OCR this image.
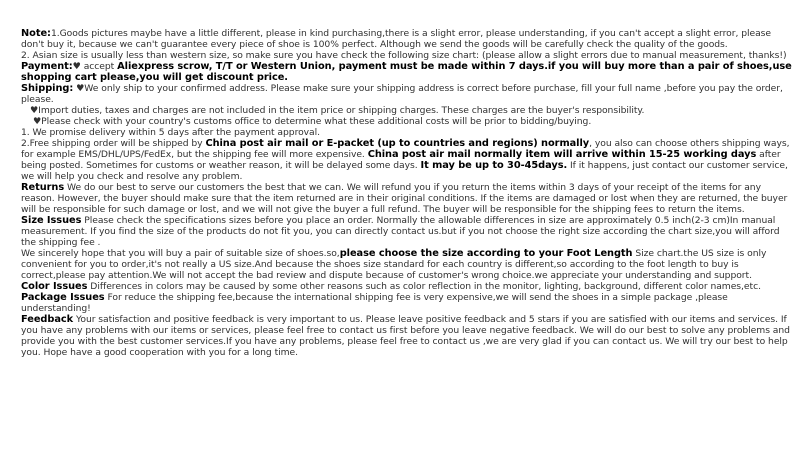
Note:1.Goods pictures maybe have a little different, please in kind purchasing,there is a slight error, please understanding, if you can't accept a slight error, please don't buy it, because we can't guarantee every piece of shoe is 100% perfect. Although we send the goods will be carefully check the quality of the goods.

2. Asian size is usually less than western size, so make sure you have check the following size chart: (please allow a slight errors due to manual measurement, thanks!)

Payment:♥ accept Aliexpress scrow, T/T or Western Union, payment must be made within 7 days.if you will buy more than a pair of shoes,use shopping cart please,you will get discount price.

Shipping: ♥We only ship to your confirmed address. Please make sure your shipping address is correct before purchase, fill your full name ,before you pay the order, please.

♥Import duties, taxes and charges are not included in the item price or shipping charges. These charges are the buyer's responsibility.

♥Please check with your country's customs office to determine what these additional costs will be prior to bidding/buying.

1. We promise delivery within 5 days after the payment approval.

2.Free shipping order will be shipped by China post air mail or E-packet (up to countries and regions) normally, you also can choose others shipping ways, for example EMS/DHL/UPS/FedEx, but the shipping fee will more expensive. China post air mail normally item will arrive within 15-25 working days after being posted. Sometimes for customs or weather reason, it will be delayed some days. It may be up to 30-45days. If it happens, just contact our customer service, we will help you check and resolve any problem.

Returns We do our best to serve our customers the best that we can. We will refund you if you return the items within 3 days of your receipt of the items for any reason. However, the buyer should make sure that the item returned are in their original conditions. If the items are damaged or lost when they are returned, the buyer will be responsible for such damage or lost, and we will not give the buyer a full refund. The buyer will be responsible for the shipping fees to return the items.

Size Issues Please check the specifications sizes before you place an order. Normally the allowable differences in size are approximately 0.5 inch(2-3 cm)In manual measurement. If you find the size of the products do not fit you, you can directly contact us.but if you not choose the right size according the chart size,you will afford the shipping fee .

We sincerely hope that you will buy a pair of suitable size of shoes.so,please choose the size according to your Foot Length Size chart.the US size is only convenient for you to order,it's not really a US size.And because the shoes size standard for each country is different,so according to the foot length to buy is correct,please pay attention.We will not accept the bad review and dispute because of customer's wrong choice.we appreciate your understanding and support.

Color Issues Differences in colors may be caused by some other reasons such as color reflection in the monitor, lighting, background, different color names,etc.

Package Issues For reduce the shipping fee,because the international shipping fee is very expensive,we will send the shoes in a simple package ,please understanding!

Feedback Your satisfaction and positive feedback is very important to us. Please leave positive feedback and 5 stars if you are satisfied with our items and services. If you have any problems with our items or services, please feel free to contact us first before you leave negative feedback. We will do our best to solve any problems and provide you with the best customer services.If you have any problems, please feel free to contact us ,we are very glad if you can contact us. We will try our best to help you. Hope have a good cooperation with you for a long time.
